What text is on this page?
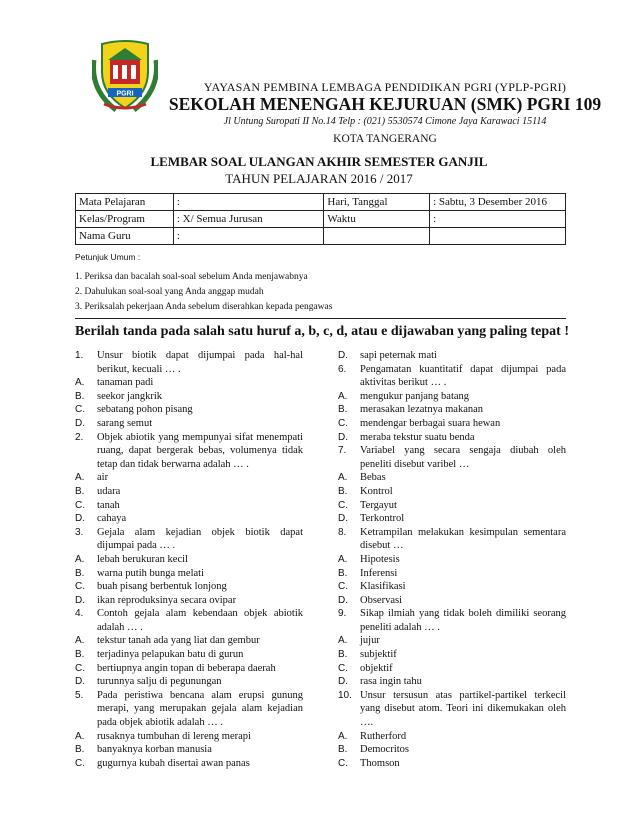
PGRI	YAYASAN PEMBINA LEMBAGA PENDIDIKAN PGRI (YPLP-PGRI)
SEKOLAH MENENGAH KEJURUAN (SMK) PGRI 109
Jl Untung Suropati II No.14 Telp : (021) 5530574 Cimone Jaya Karawaci 15114
KOTA TANGERANG
LEMBAR SOAL ULANGAN AKHIR SEMESTER GANJIL
TAHUN PELAJARAN 2016 / 2017
Mata Pelajaran	:	Hari, Tanggal	: Sabtu, 3 Desember 2016
Kelas/Program	: X/ Semua Jurusan	Waktu	:
Nama Guru	:		
Petunjuk Umum :
1. Periksa dan bacalah soal-soal sebelum Anda menjawabnya
2. Dahulukan soal-soal yang Anda anggap mudah
3. Periksalah pekerjaan Anda sebelum diserahkan kepada pengawas
Berilah tanda pada salah satu huruf a, b, c, d, atau e dijawaban yang paling tepat !
1.	Unsur biotik dapat dijumpai pada hal-hal berikut, kecuali … .
A.	tanaman padi
B.	seekor jangkrik
C.	sebatang pohon pisang
D.	sarang semut
2.	Objek abiotik yang mempunyai sifat menempati ruang, dapat bergerak bebas, volumenya tidak tetap dan tidak berwarna adalah … .
A.	air
B.	udara
C.	tanah
D.	cahaya
3.	Gejala alam kejadian objek biotik dapat dijumpai pada … .
A.	lebah berukuran kecil
B.	warna putih bunga melati
C.	buah pisang berbentuk lonjong
D.	ikan reproduksinya secara ovipar
4.	Contoh gejala alam kebendaan objek abiotik adalah … .
A.	tekstur tanah ada yang liat dan gembur
B.	terjadinya pelapukan batu di gurun
C.	bertiupnya angin topan di beberapa daerah
D.	turunnya salju di pegunungan
5.	Pada peristiwa bencana alam erupsi gunung merapi, yang merupakan gejala alam kejadian pada objek abiotik adalah … .
A.	rusaknya tumbuhan di lereng merapi
B.	banyaknya korban manusia
C.	gugurnya kubah disertai awan panas
D.	sapi peternak mati
6.	Pengamatan kuantitatif dapat dijumpai pada aktivitas berikut … .
A.	mengukur panjang batang
B.	merasakan lezatnya makanan
C.	mendengar berbagai suara hewan
D.	meraba tekstur suatu benda
7.	Variabel yang secara sengaja diubah oleh peneliti disebut varibel …
A.	Bebas
B.	Kontrol
C.	Tergayut
D.	Terkontrol
8.	Ketrampilan melakukan kesimpulan sementara disebut …
A.	Hipotesis
B.	Inferensi
C.	Klasifikasi
D.	Observasi
9.	Sikap ilmiah yang tidak boleh dimiliki seorang peneliti adalah … .
A.	jujur
B.	subjektif
C.	objektif
D.	rasa ingin tahu
10. Unsur tersusun atas partikel-partikel terkecil yang disebut atom. Teori ini dikemukakan oleh ….
A.	Rutherford
B.	Democritos
C.	Thomson
